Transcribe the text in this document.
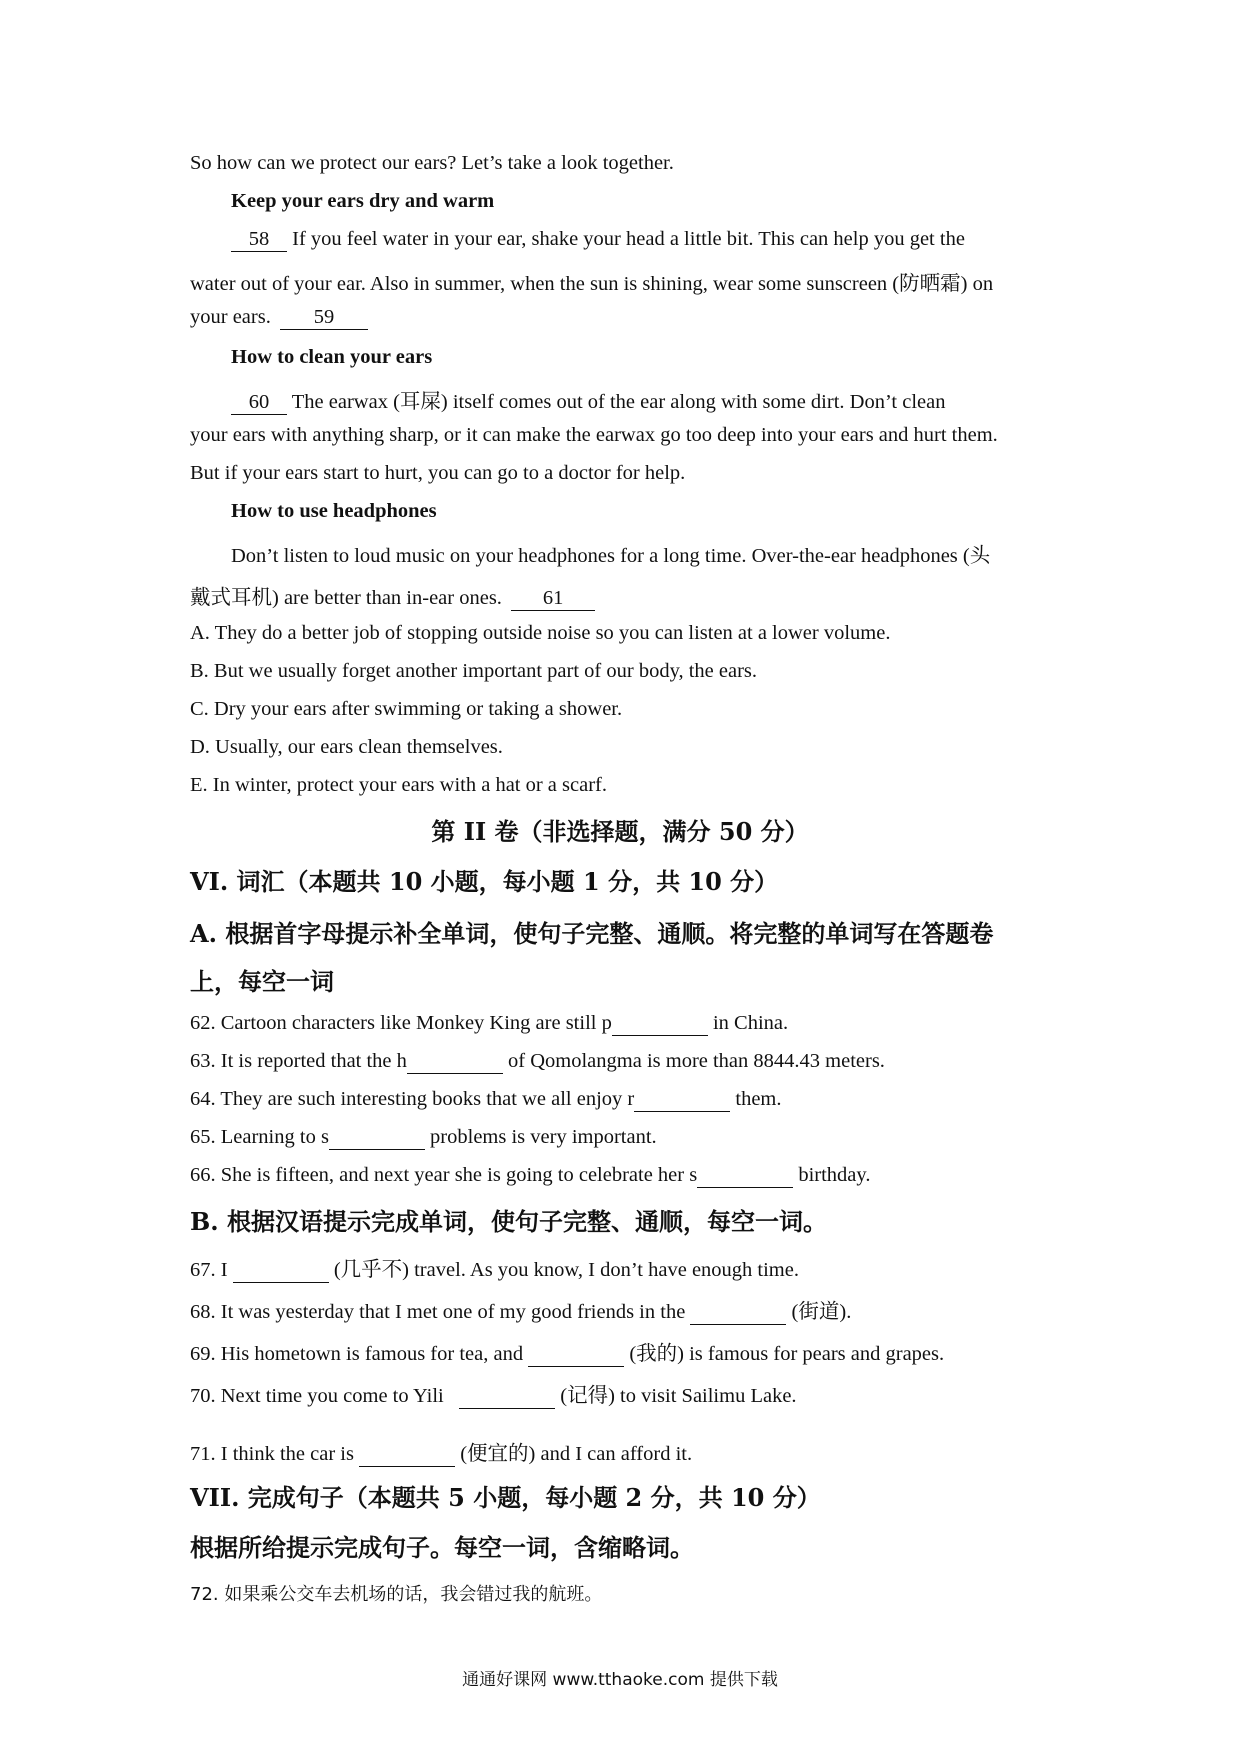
So how can we protect our ears? Let’s take a look together.
Keep your ears dry and warm
58 If you feel water in your ear, shake your head a little bit. This can help you get the
water out of your ear. Also in summer, when the sun is shining, wear some sunscreen (防晒霜) on
your ears. 59
How to clean your ears
60 The earwax (耳屎) itself comes out of the ear along with some dirt. Don’t clean
your ears with anything sharp, or it can make the earwax go too deep into your ears and hurt them.
But if your ears start to hurt, you can go to a doctor for help.
How to use headphones
Don’t listen to loud music on your headphones for a long time. Over-the-ear headphones (头
戴式耳机) are better than in-ear ones. 61
A. They do a better job of stopping outside noise so you can listen at a lower volume.
B. But we usually forget another important part of our body, the ears.
C. Dry your ears after swimming or taking a shower.
D. Usually, our ears clean themselves.
E. In winter, protect your ears with a hat or a scarf.
第 II 卷（非选择题，满分 50 分）
VI. 词汇（本题共 10 小题，每小题 1 分，共 10 分）
A. 根据首字母提示补全单词，使句子完整、通顺。将完整的单词写在答题卷
上，每空一词
62. Cartoon characters like Monkey King are still p	in China.
63. It is reported that the h	of Qomolangma is more than 8844.43 meters.
64. They are such interesting books that we all enjoy r	them.
65. Learning to s	problems is very important.
66. She is fifteen, and next year she is going to celebrate her s	birthday.
B. 根据汉语提示完成单词，使句子完整、通顺，每空一词。
67. I	(几乎不) travel. As you know, I don’t have enough time.
68. It was yesterday that I met one of my good friends in the	(街道).
69. His hometown is famous for tea, and	(我的) is famous for pears and grapes.
70. Next time you come to Yili	(记得) to visit Sailimu Lake.
71. I think the car is	(便宜的) and I can afford it.
VII. 完成句子（本题共 5 小题，每小题 2 分，共 10 分）
根据所给提示完成句子。每空一词，含缩略词。
72. 如果乘公交车去机场的话，我会错过我的航班。
通通好课网 www.tthaoke.com 提供下载
